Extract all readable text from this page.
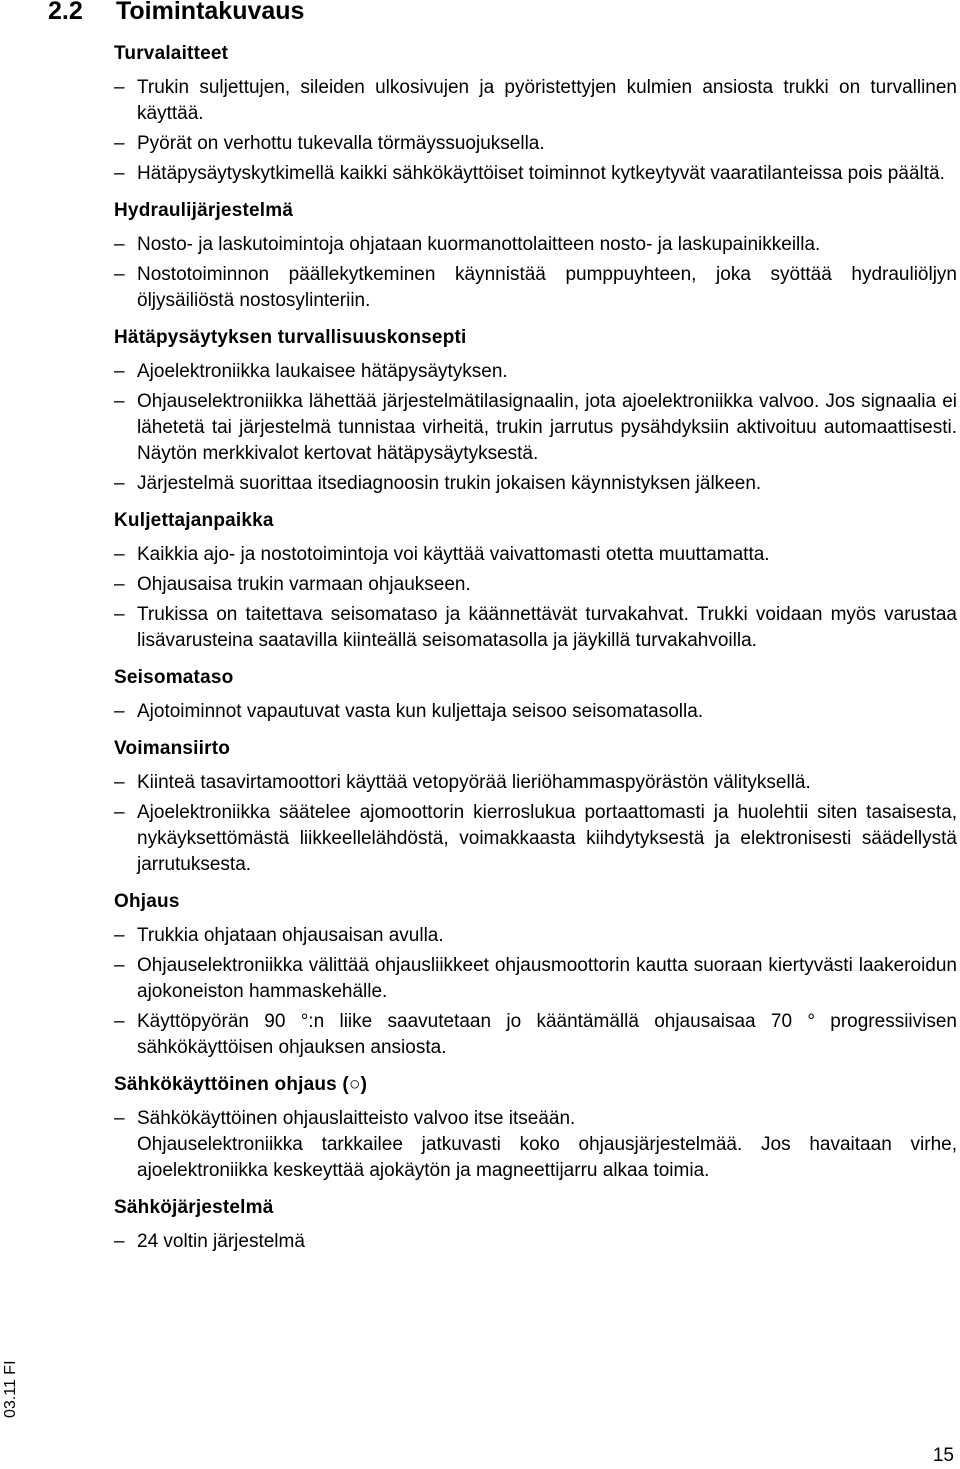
2.2 Toimintakuvaus
Turvalaitteet
– Trukin suljettujen, sileiden ulkosivujen ja pyöristettyjen kulmien ansiosta trukki on turvallinen käyttää.
– Pyörät on verhottu tukevalla törmäyssuojuksella.
– Hätäpysäytyskytkimellä kaikki sähkökäyttöiset toiminnot kytkeytyvät vaaratilanteissa pois päältä.
Hydraulijärjestelmä
– Nosto- ja laskutoimintoja ohjataan kuormanottolaitteen nosto- ja laskupainikkeilla.
– Nostotoiminnon päällekytkeminen käynnistää pumppuyhteen, joka syöttää hydrauliöljyn öljysäiliöstä nostosylinteriin.
Hätäpysäytyksen turvallisuuskonsepti
– Ajoelektroniikka laukaisee hätäpysäytyksen.
– Ohjauselektroniikka lähettää järjestelmätilasignaalin, jota ajoelektroniikka valvoo. Jos signaalia ei lähetetä tai järjestelmä tunnistaa virheitä, trukin jarrutus pysähdyksiin aktivoituu automaattisesti. Näytön merkkivalot kertovat hätäpysäytyksestä.
– Järjestelmä suorittaa itsediagnoosin trukin jokaisen käynnistyksen jälkeen.
Kuljettajanpaikka
– Kaikkia ajo- ja nostotoimintoja voi käyttää vaivattomasti otetta muuttamatta.
– Ohjausaisa trukin varmaan ohjaukseen.
– Trukissa on taitettava seisomataso ja käännettävät turvakahvat. Trukki voidaan myös varustaa lisävarusteina saatavilla kiinteällä seisomatasolla ja jäykillä turvakahvoilla.
Seisomataso
– Ajotoiminnot vapautuvat vasta kun kuljettaja seisoo seisomatasolla.
Voimansiirto
– Kiinteä tasavirtamoottori käyttää vetopyörää lieriöhammaspyörästön välityksellä.
– Ajoelektroniikka säätelee ajomoottorin kierroslukua portaattomasti ja huolehtii siten tasaisesta, nykäyksettömästä liikkeellelähdöstä, voimakkaasta kiihdytyksestä ja elektronisesti säädellystä jarrutuksesta.
Ohjaus
– Trukkia ohjataan ohjausaisan avulla.
– Ohjauselektroniikka välittää ohjausliikkeet ohjausmoottorin kautta suoraan kiertyvästi laakeroidun ajokoneiston hammaskehälle.
– Käyttöpyörän 90 °:n liike saavutetaan jo kääntämällä ohjausaisaa 70 ° progressiivisen sähkökäyttöisen ohjauksen ansiosta.
Sähkökäyttöinen ohjaus (○)
– Sähkökäyttöinen ohjauslaitteisto valvoo itse itseään.
Ohjauselektroniikka tarkkailee jatkuvasti koko ohjausjärjestelmää. Jos havaitaan virhe, ajoelektroniikka keskeyttää ajokäytön ja magneettijarru alkaa toimia.
Sähköjärjestelmä
– 24 voltin järjestelmä
03.11 FI
15
